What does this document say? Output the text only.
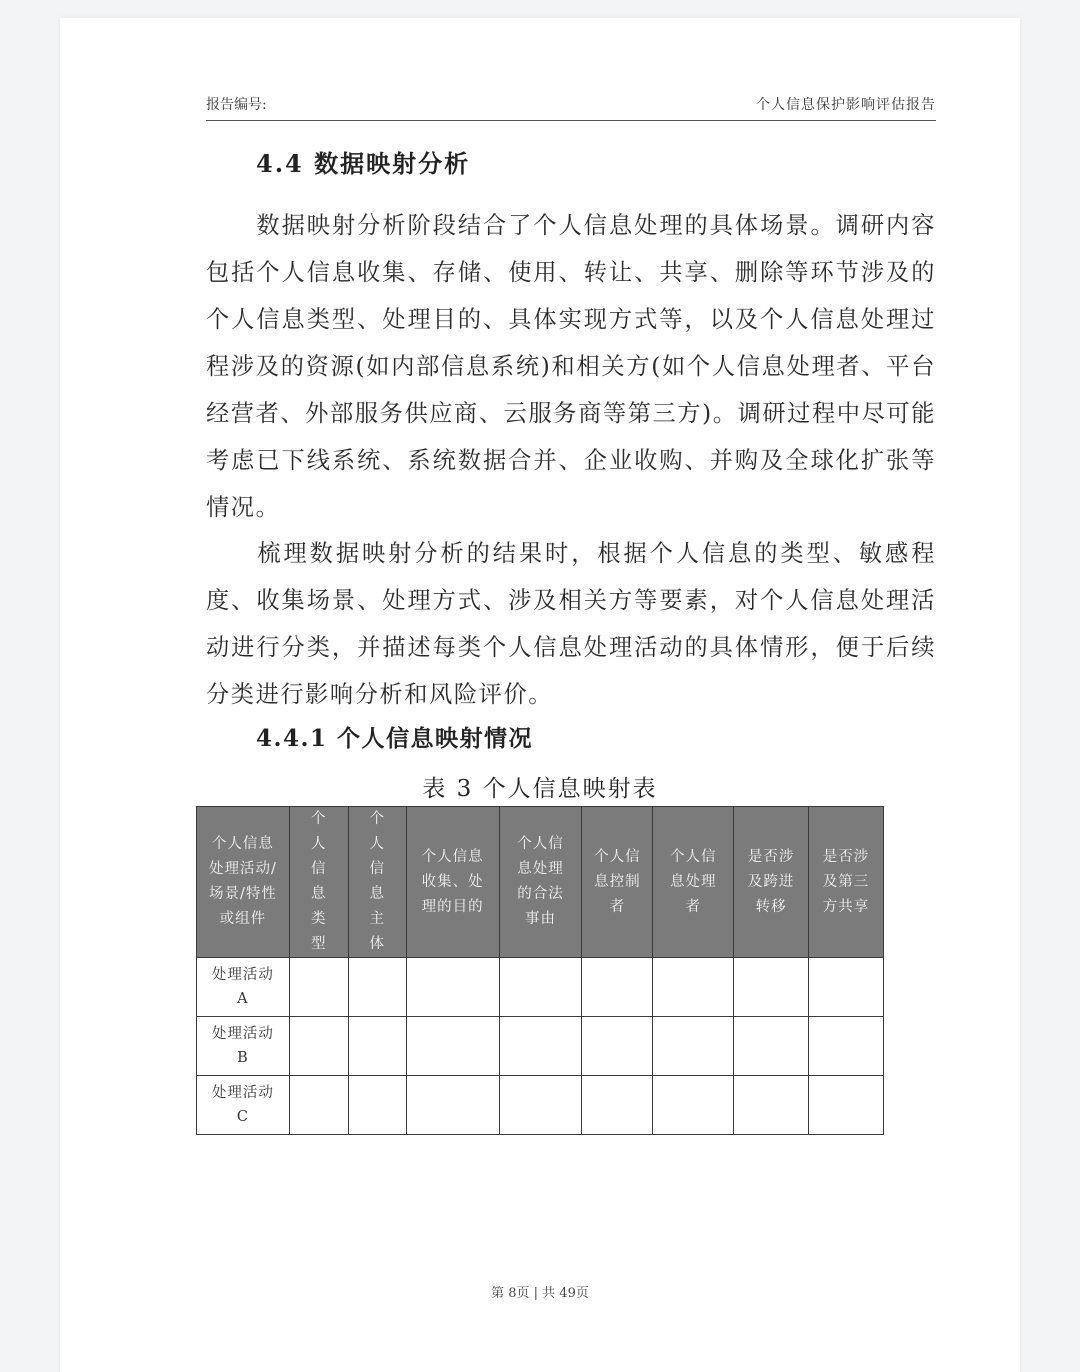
报告编号:	个人信息保护影响评估报告
4.4 数据映射分析

数据映射分析阶段结合了个人信息处理的具体场景。调研内容包括个人信息收集、存储、使用、转让、共享、删除等环节涉及的个人信息类型、处理目的、具体实现方式等，以及个人信息处理过程涉及的资源(如内部信息系统)和相关方(如个人信息处理者、平台经营者、外部服务供应商、云服务商等第三方)。调研过程中尽可能考虑已下线系统、系统数据合并、企业收购、并购及全球化扩张等情况。

梳理数据映射分析的结果时，根据个人信息的类型、敏感程度、收集场景、处理方式、涉及相关方等要素，对个人信息处理活动进行分类，并描述每类个人信息处理活动的具体情形，便于后续分类进行影响分析和风险评价。

4.4.1 个人信息映射情况
表 3 个人信息映射表
个人信息处理活动/场景/特性或组件	个人信息类型	个人信息主体	个人信息收集、处理的目的	个人信息处理的合法事由	个人信息控制者	个人信息处理者	是否涉及跨进转移	是否涉及第三方共享
处理活动A								
处理活动B								
处理活动C								
第 8页 | 共 49页
